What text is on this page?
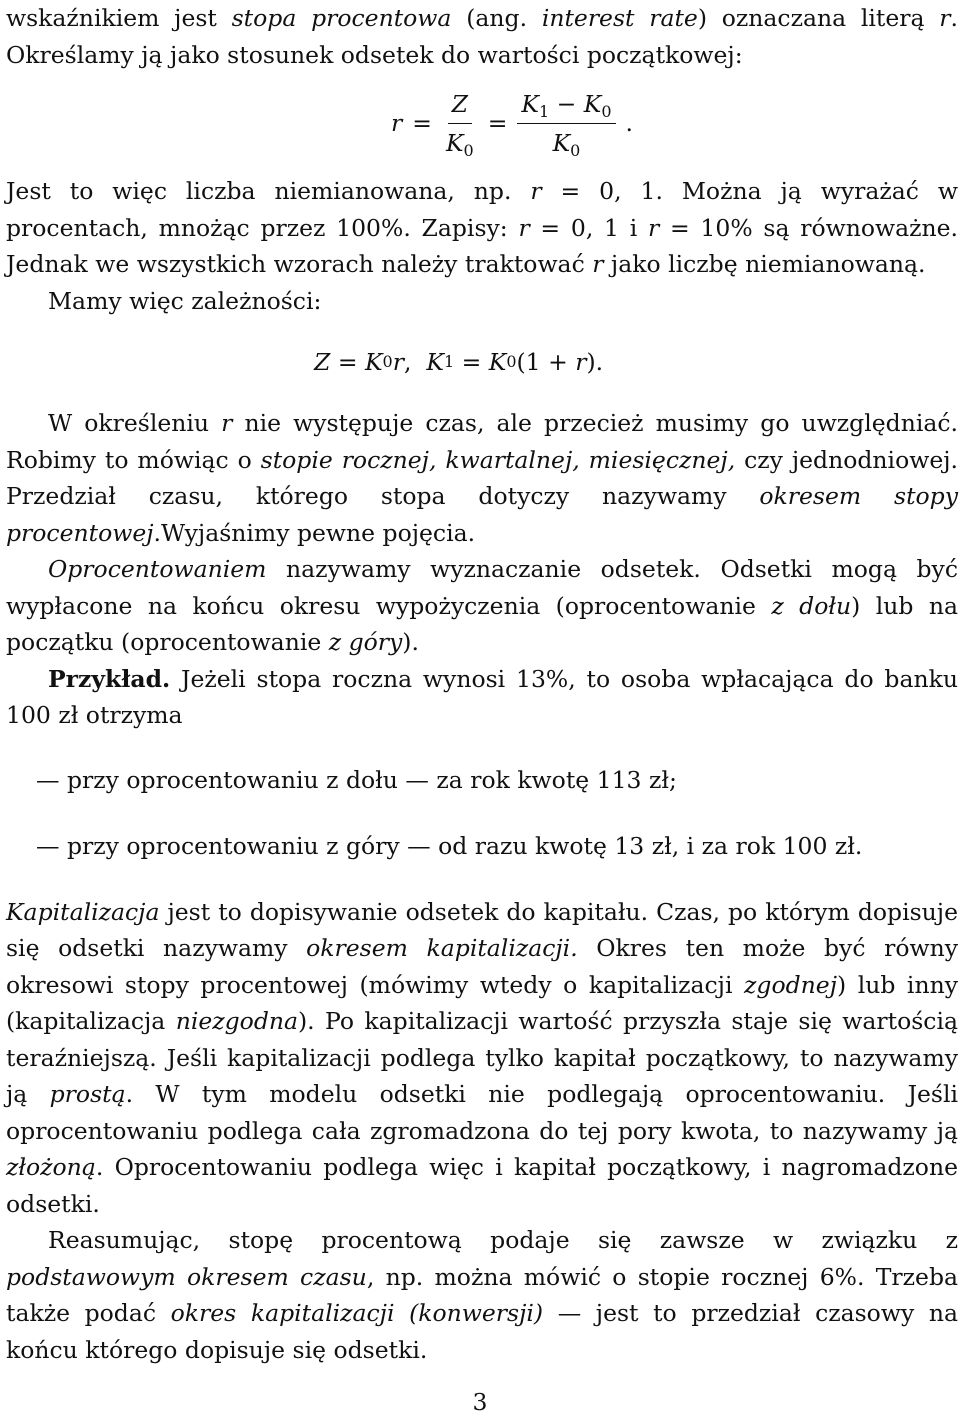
wskaźnikiem jest stopa procentowa (ang. interest rate) oznaczana literą r. Określamy ją jako stosunek odsetek do wartości początkowej:

$r = \frac{Z}{K_0} = \frac{K_1 - K_0}{K_0}$ .

Jest to więc liczba niemianowana, np. r = 0, 1. Można ją wyrażać w procentach, mnożąc przez 100%. Zapisy: r = 0, 1 i r = 10% są równoważne. Jednak we wszystkich wzorach należy traktować r jako liczbę niemianowaną.

Mamy więc zależności:

Z = K 0 r , K 1 = K 0 (1 + r ).

W określeniu r nie występuje czas, ale przecież musimy go uwzględniać. Robimy to mówiąc o stopie rocznej, kwartalnej, miesięcznej, czy jednodniowej. Przedział czasu, którego stopa dotyczy nazywamy okresem stopy procentowej.Wyjaśnimy pewne pojęcia.

Oprocentowaniem nazywamy wyznaczanie odsetek. Odsetki mogą być wypłacone na końcu okresu wypożyczenia (oprocentowanie z dołu) lub na początku (oprocentowanie z góry).

Przykład. Jeżeli stopa roczna wynosi 13%, to osoba wpłacająca do banku 100 zł otrzyma

— przy oprocentowaniu z dołu — za rok kwotę 113 zł;
— przy oprocentowaniu z góry — od razu kwotę 13 zł, i za rok 100 zł.

Kapitalizacja jest to dopisywanie odsetek do kapitału. Czas, po którym dopisuje się odsetki nazywamy okresem kapitalizacji. Okres ten może być równy okresowi stopy procentowej (mówimy wtedy o kapitalizacji zgodnej) lub inny (kapitalizacja niezgodna). Po kapitalizacji wartość przyszła staje się wartością teraźniejszą. Jeśli kapitalizacji podlega tylko kapitał początkowy, to nazywamy ją prostą. W tym modelu odsetki nie podlegają oprocentowaniu. Jeśli oprocentowaniu podlega cała zgromadzona do tej pory kwota, to nazywamy ją złożoną. Oprocentowaniu podlega więc i kapitał początkowy, i nagromadzone odsetki.

Reasumując, stopę procentową podaje się zawsze w związku z podstawowym okresem czasu, np. można mówić o stopie rocznej 6%. Trzeba także podać okres kapitalizacji (konwersji) — jest to przedział czasowy na końcu którego dopisuje się odsetki.

3
